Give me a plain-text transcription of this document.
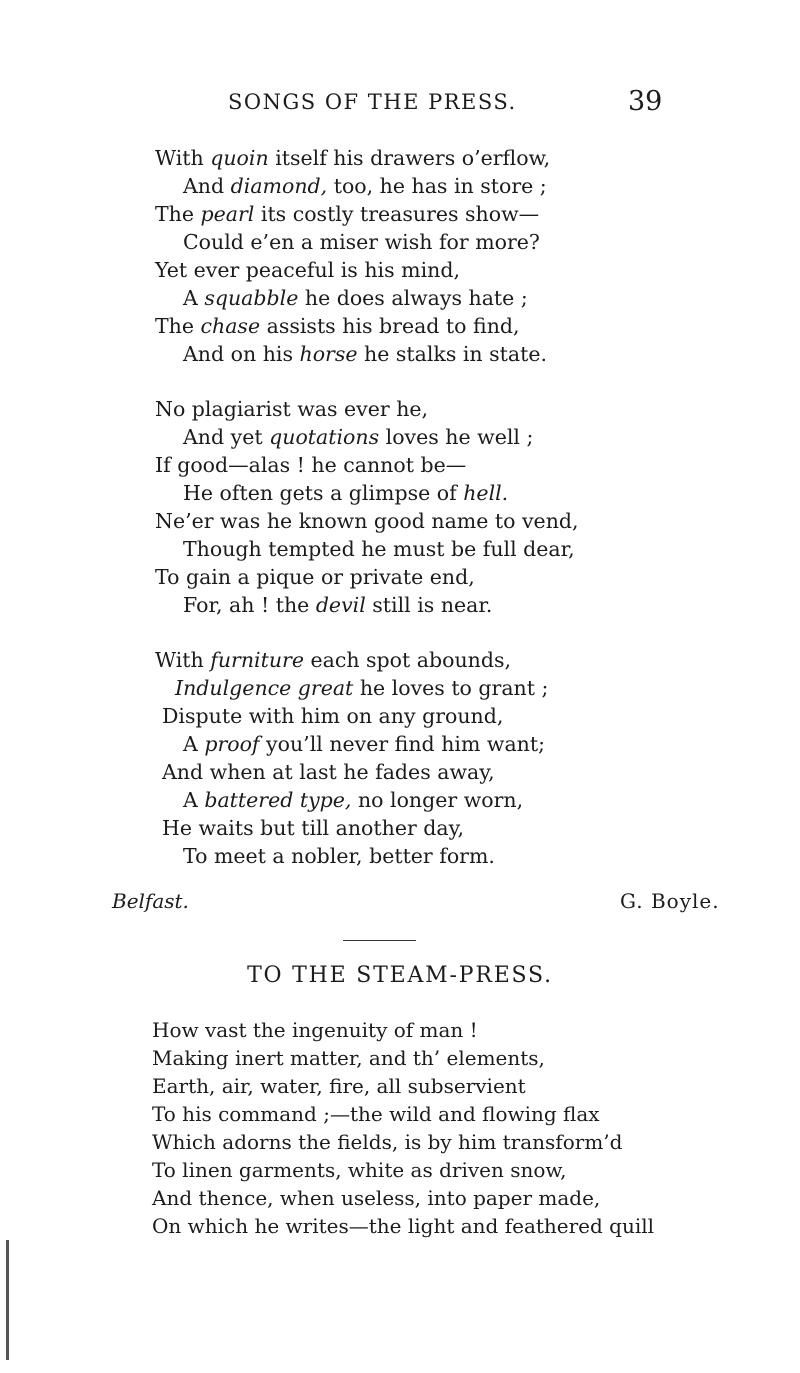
SONGS OF THE PRESS.	39
With quoin itself his drawers o’erflow,
And diamond, too, he has in store ;
The pearl its costly treasures show—
Could e’en a miser wish for more?
Yet ever peaceful is his mind,
A squabble he does always hate ;
The chase assists his bread to find,
And on his horse he stalks in state.
No plagiarist was ever he,
And yet quotations loves he well ;
If good—alas ! he cannot be—
He often gets a glimpse of hell.
Ne’er was he known good name to vend,
Though tempted he must be full dear,
To gain a pique or private end,
For, ah ! the devil still is near.
With furniture each spot abounds,
Indulgence great he loves to grant ;
Dispute with him on any ground,
A proof you’ll never find him want;
And when at last he fades away,
A battered type, no longer worn,
He waits but till another day,
To meet a nobler, better form.
Belfast.	G. Boyle.
TO THE STEAM-PRESS.
How vast the ingenuity of man !
Making inert matter, and th’ elements,
Earth, air, water, fire, all subservient
To his command ;—the wild and flowing flax
Which adorns the fields, is by him transform’d
To linen garments, white as driven snow,
And thence, when useless, into paper made,
On which he writes—the light and feathered quill
